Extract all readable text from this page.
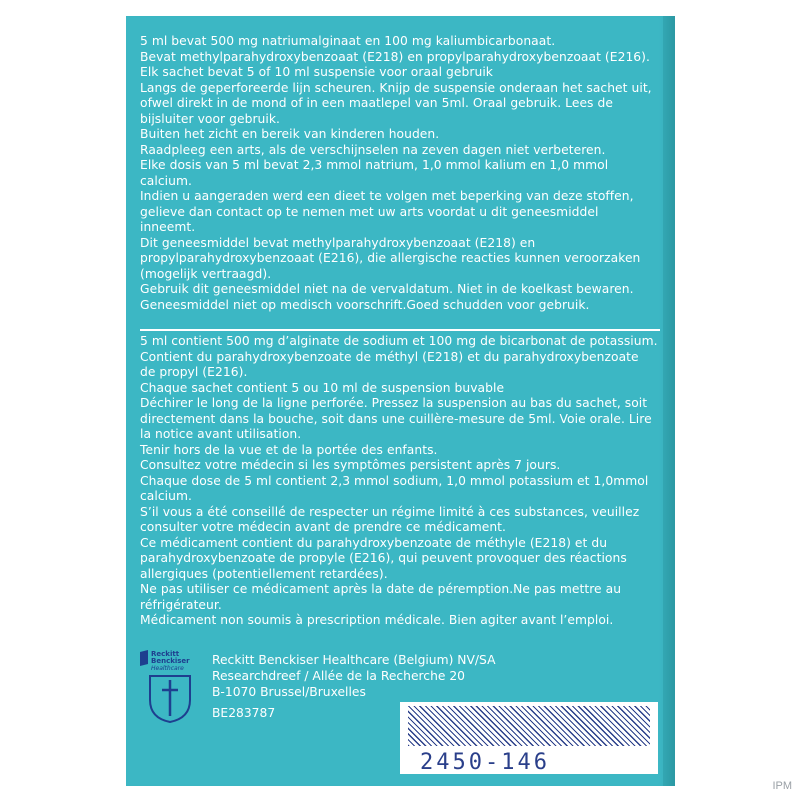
5 ml bevat 500 mg natriumalginaat en 100 mg kaliumbicarbonaat.
Bevat methylparahydroxybenzoaat (E218) en propylparahydroxybenzoaat (E216).
Elk sachet bevat 5 of 10 ml suspensie voor oraal gebruik
Langs de geperforeerde lijn scheuren. Knijp de suspensie onderaan het sachet uit,
ofwel direkt in de mond of in een maatlepel van 5ml. Oraal gebruik. Lees de
bijsluiter voor gebruik.
Buiten het zicht en bereik van kinderen houden.
Raadpleeg een arts, als de verschijnselen na zeven dagen niet verbeteren.
Elke dosis van 5 ml bevat 2,3 mmol natrium, 1,0 mmol kalium en 1,0 mmol
calcium.
Indien u aangeraden werd een dieet te volgen met beperking van deze stoffen,
gelieve dan contact op te nemen met uw arts voordat u dit geneesmiddel
inneemt.
Dit geneesmiddel bevat methylparahydroxybenzoaat (E218) en
propylparahydroxybenzoaat (E216), die allergische reacties kunnen veroorzaken
(mogelijk vertraagd).
Gebruik dit geneesmiddel niet na de vervaldatum. Niet in de koelkast bewaren.
Geneesmiddel niet op medisch voorschrift.Goed schudden voor gebruik.
5 ml contient 500 mg d’alginate de sodium et 100 mg de bicarbonat de potassium.
Contient du parahydroxybenzoate de méthyl (E218) et du parahydroxybenzoate
de propyl (E216).
Chaque sachet contient 5 ou 10 ml de suspension buvable
Déchirer le long de la ligne perforée. Pressez la suspension au bas du sachet, soit
directement dans la bouche, soit dans une cuillère-mesure de 5ml. Voie orale. Lire
la notice avant utilisation.
Tenir hors de la vue et de la portée des enfants.
Consultez votre médecin si les symptômes persistent après 7 jours.
Chaque dose de 5 ml contient 2,3 mmol sodium, 1,0 mmol potassium et 1,0mmol
calcium.
S’il vous a été conseillé de respecter un régime limité à ces substances, veuillez
consulter votre médecin avant de prendre ce médicament.
Ce médicament contient du parahydroxybenzoate de méthyle (E218) et du
parahydroxybenzoate de propyle (E216), qui peuvent provoquer des réactions
allergiques (potentiellement retardées).
Ne pas utiliser ce médicament après la date de péremption.Ne pas mettre au
réfrigérateur.
Médicament non soumis à prescription médicale. Bien agiter avant l’emploi.
Reckitt
Benckiser
Healthcare
Reckitt Benckiser Healthcare (Belgium) NV/SA
Researchdreef / Allée de la Recherche 20
B-1070 Brussel/Bruxelles
BE283787
2450-146
IPM
